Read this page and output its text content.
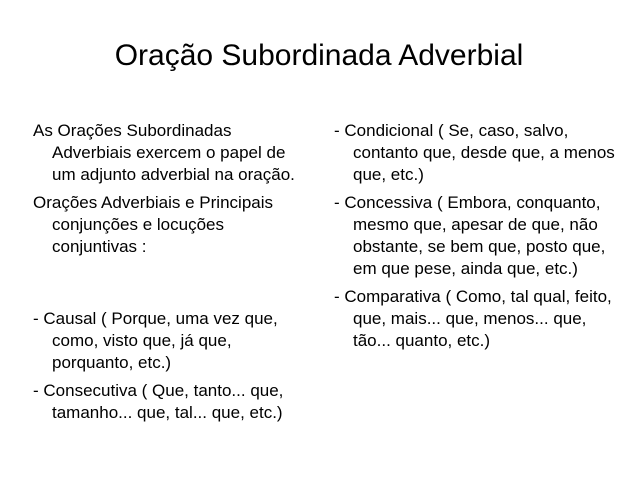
Oração Subordinada Adverbial

As Orações Subordinadas Adverbiais exercem o papel de um adjunto adverbial na oração.

Orações Adverbiais e Principais conjunções e locuções conjuntivas :

- Causal ( Porque, uma vez que, como, visto que, já que, porquanto, etc.)

- Consecutiva ( Que, tanto... que, tamanho... que, tal... que, etc.)

- Condicional ( Se, caso, salvo, contanto que, desde que, a menos que, etc.)

- Concessiva ( Embora, conquanto, mesmo que, apesar de que, não obstante, se bem que, posto que, em que pese, ainda que, etc.)

- Comparativa ( Como, tal qual, feito, que, mais... que, menos... que, tão... quanto, etc.)
